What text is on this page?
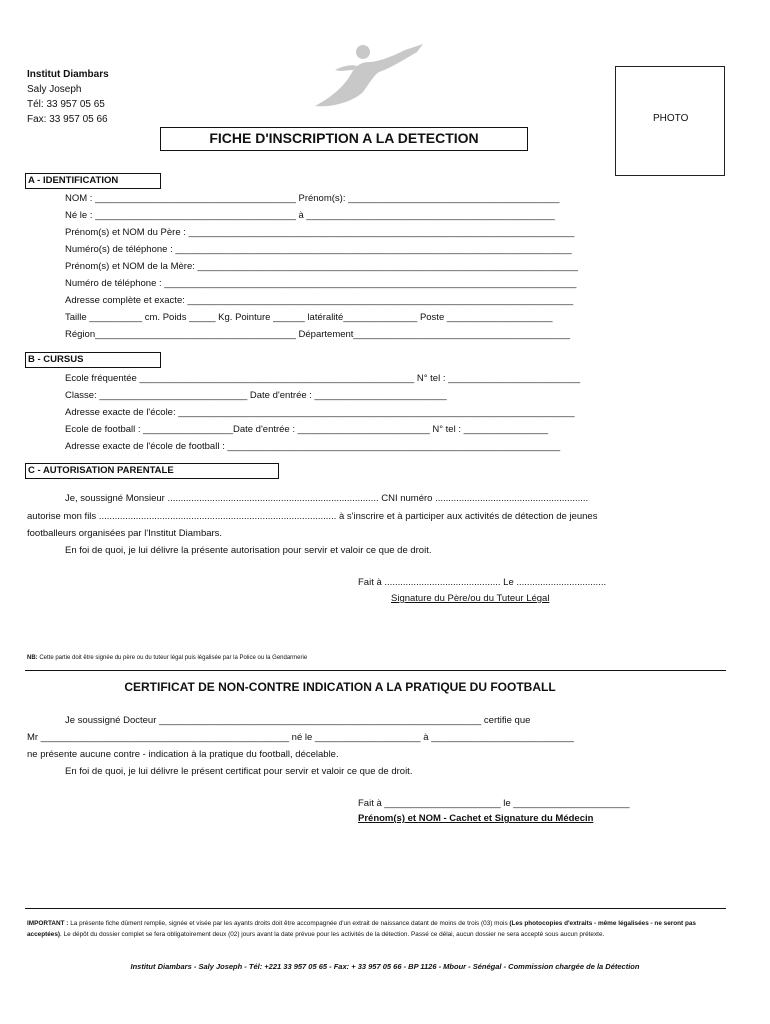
Institut Diambars
Saly Joseph
Tél: 33 957 05 65
Fax: 33 957 05 66	PHOTO
FICHE D'INSCRIPTION A LA DETECTION
A - IDENTIFICATION
NOM : ______________________________________ Prénom(s): ________________________________________
Né le : ______________________________________ à _______________________________________________
Prénom(s) et NOM du Père : _________________________________________________________________________
Numéro(s) de téléphone : ___________________________________________________________________________
Prénom(s) et NOM de la Mère: ________________________________________________________________________
Numéro de téléphone : ______________________________________________________________________________
Adresse complète et exacte: _________________________________________________________________________
Taille __________ cm. Poids _____ Kg. Pointure ______ latéralité______________ Poste ____________________
Région______________________________________ Département_________________________________________
B - CURSUS
Ecole fréquentée ____________________________________________________ N° tel : _________________________
Classe: ____________________________ Date d'entrée : _________________________
Adresse exacte de l'école: ___________________________________________________________________________
Ecole de football : _________________Date d'entrée : _________________________ N° tel : ________________
Adresse exacte de l'école de football : _______________________________________________________________
C - AUTORISATION PARENTALE
Je, soussigné Monsieur ................................................................................ CNI numéro ..........................................................
autorise mon fils .......................................................................................... à s'inscrire et à participer aux activités de détection de jeunes
footballeurs organisées par l'Institut Diambars.
En foi de quoi, je lui délivre la présente autorisation pour servir et valoir ce que de droit.
Fait à ............................................ Le ..................................
Signature du Père/ou du Tuteur Légal
NB: Cette partie doit être signée du père ou du tuteur légal puis légalisée par la Police ou la Gendarmerie
CERTIFICAT DE NON-CONTRE INDICATION A LA PRATIQUE DU FOOTBALL
Je soussigné Docteur _____________________________________________________________ certifie que
Mr _______________________________________________ né le ____________________ à ___________________________
ne présente aucune contre - indication à la pratique du football, décelable.
En foi de quoi, je lui délivre le présent certificat pour servir et valoir ce que de droit.
Fait à ______________________ le ______________________
Prénom(s) et NOM - Cachet et Signature du Médecin
IMPORTANT : La présente fiche dûment remplie, signée et visée par les ayants droits doit être accompagnée d'un extrait de naissance datant de moins de trois (03) mois (Les photocopies d'extraits - même légalisées - ne seront pas acceptées). Le dépôt du dossier complet se fera obligatoirement deux (02) jours avant la date prévue pour les activités de la détection. Passé ce délai, aucun dossier ne sera accepté sous aucun prétexte.
Institut Diambars - Saly Joseph - Tél: +221 33 957 05 65 - Fax: + 33 957 05 66 - BP 1126 - Mbour - Sénégal - Commission chargée de la Détection
